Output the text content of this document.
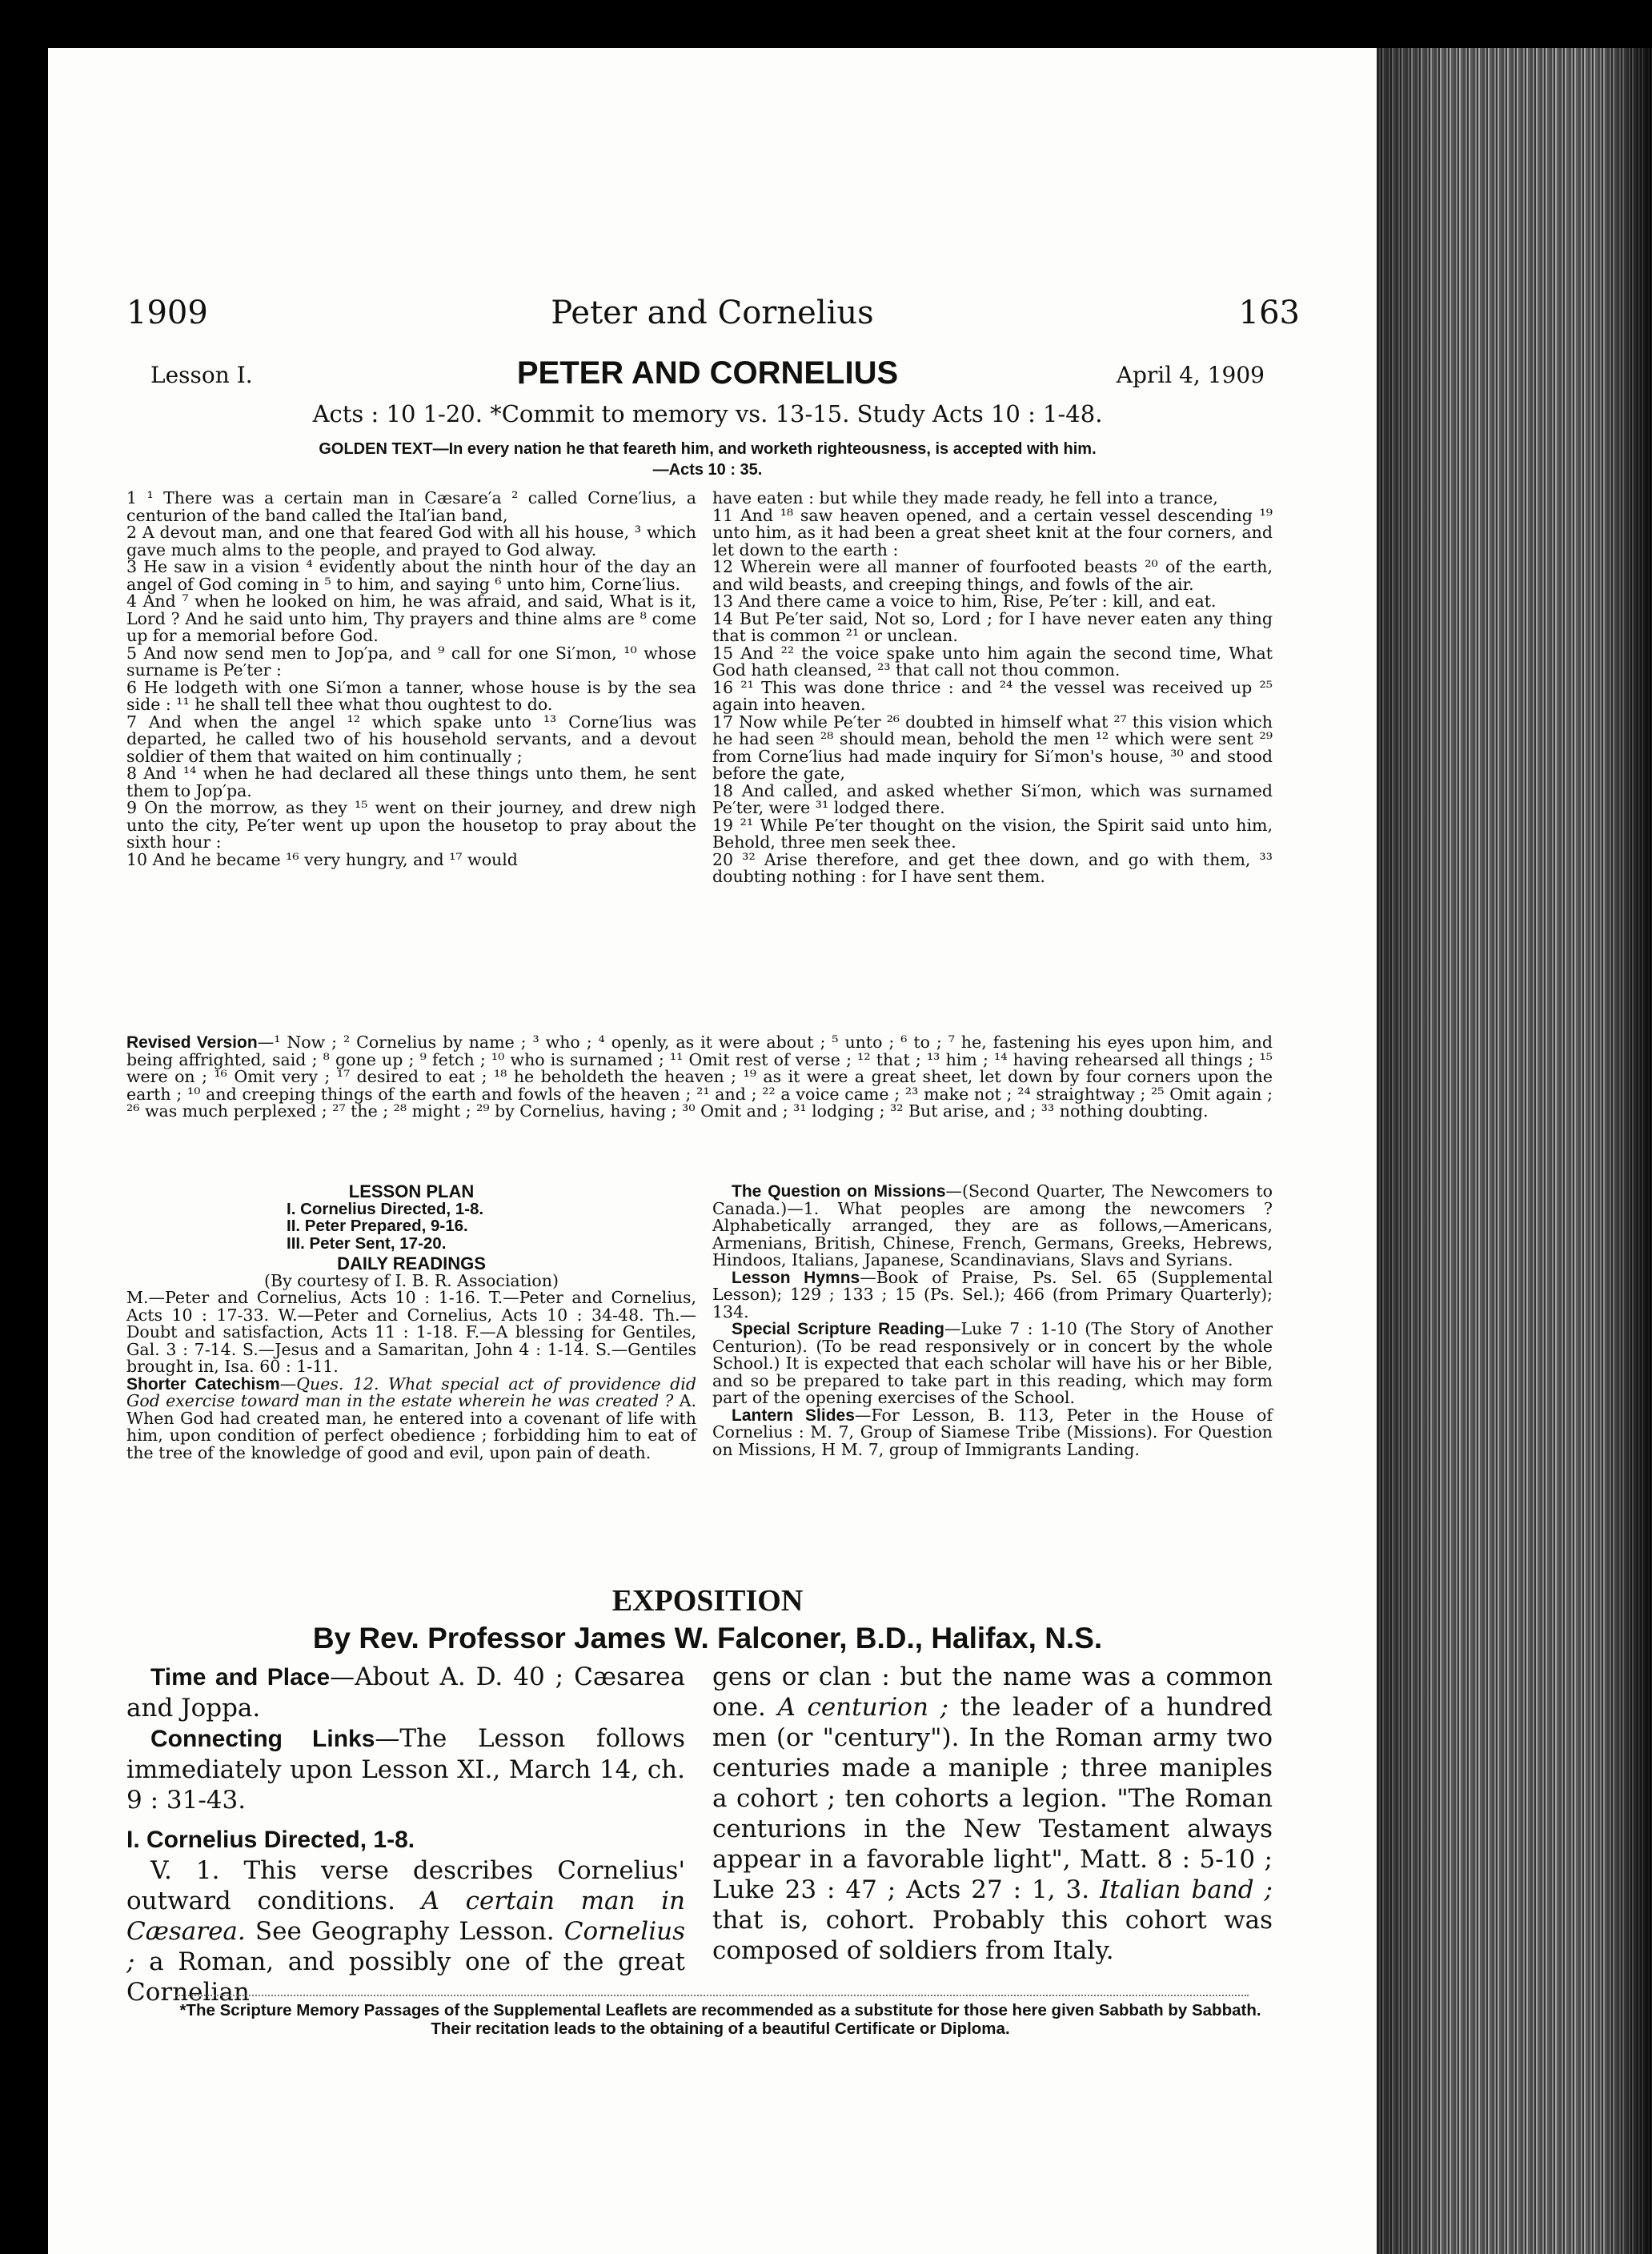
1909	Peter and Cornelius	163
Lesson I.	PETER AND CORNELIUS	April 4, 1909
Acts : 10 1-20. *Commit to memory vs. 13-15. Study Acts 10 : 1-48.
GOLDEN TEXT—In every nation he that feareth him, and worketh righteousness, is accepted with him.
—Acts 10 : 35.

1 ¹ There was a certain man in Cæsare′a ² called Corne′lius, a centurion of the band called the Ital′ian band,

2 A devout man, and one that feared God with all his house, ³ which gave much alms to the people, and prayed to God alway.

3 He saw in a vision ⁴ evidently about the ninth hour of the day an angel of God coming in ⁵ to him, and saying ⁶ unto him, Corne′lius.

4 And ⁷ when he looked on him, he was afraid, and said, What is it, Lord ? And he said unto him, Thy prayers and thine alms are ⁸ come up for a memorial before God.

5 And now send men to Jop′pa, and ⁹ call for one Si′mon, ¹⁰ whose surname is Pe′ter :

6 He lodgeth with one Si′mon a tanner, whose house is by the sea side : ¹¹ he shall tell thee what thou oughtest to do.

7 And when the angel ¹² which spake unto ¹³ Corne′lius was departed, he called two of his household servants, and a devout soldier of them that waited on him continually ;

8 And ¹⁴ when he had declared all these things unto them, he sent them to Jop′pa.

9 On the morrow, as they ¹⁵ went on their journey, and drew nigh unto the city, Pe′ter went up upon the housetop to pray about the sixth hour :

10 And he became ¹⁶ very hungry, and ¹⁷ would

have eaten : but while they made ready, he fell into a trance,

11 And ¹⁸ saw heaven opened, and a certain vessel descending ¹⁹ unto him, as it had been a great sheet knit at the four corners, and let down to the earth :

12 Wherein were all manner of fourfooted beasts ²⁰ of the earth, and wild beasts, and creeping things, and fowls of the air.

13 And there came a voice to him, Rise, Pe′ter : kill, and eat.

14 But Pe′ter said, Not so, Lord ; for I have never eaten any thing that is common ²¹ or unclean.

15 And ²² the voice spake unto him again the second time, What God hath cleansed, ²³ that call not thou common.

16 ²¹ This was done thrice : and ²⁴ the vessel was received up ²⁵ again into heaven.

17 Now while Pe′ter ²⁶ doubted in himself what ²⁷ this vision which he had seen ²⁸ should mean, behold the men ¹² which were sent ²⁹ from Corne′lius had made inquiry for Si′mon's house, ³⁰ and stood before the gate,

18 And called, and asked whether Si′mon, which was surnamed Pe′ter, were ³¹ lodged there.

19 ²¹ While Pe′ter thought on the vision, the Spirit said unto him, Behold, three men seek thee.

20 ³² Arise therefore, and get thee down, and go with them, ³³ doubting nothing : for I have sent them.

Revised Version—¹ Now ; ² Cornelius by name ; ³ who ; ⁴ openly, as it were about ; ⁵ unto ; ⁶ to ; ⁷ he, fastening his eyes upon him, and being affrighted, said ; ⁸ gone up ; ⁹ fetch ; ¹⁰ who is surnamed ; ¹¹ Omit rest of verse ; ¹² that ; ¹³ him ; ¹⁴ having rehearsed all things ; ¹⁵ were on ; ¹⁶ Omit very ; ¹⁷ desired to eat ; ¹⁸ he beholdeth the heaven ; ¹⁹ as it were a great sheet, let down by four corners upon the earth ; ¹⁰ and creeping things of the earth and fowls of the heaven ; ²¹ and ; ²² a voice came ; ²³ make not ; ²⁴ straightway ; ²⁵ Omit again ; ²⁶ was much perplexed ; ²⁷ the ; ²⁸ might ; ²⁹ by Cornelius, having ; ³⁰ Omit and ; ³¹ lodging ; ³² But arise, and ; ³³ nothing doubting.

LESSON PLAN

I. Cornelius Directed, 1-8.

II. Peter Prepared, 9-16.

III. Peter Sent, 17-20.

DAILY READINGS

(By courtesy of I. B. R. Association)

M.—Peter and Cornelius, Acts 10 : 1-16. T.—Peter and Cornelius, Acts 10 : 17-33. W.—Peter and Cornelius, Acts 10 : 34-48. Th.—Doubt and satisfaction, Acts 11 : 1-18. F.—A blessing for Gentiles, Gal. 3 : 7-14. S.—Jesus and a Samaritan, John 4 : 1-14. S.—Gentiles brought in, Isa. 60 : 1-11.

Shorter Catechism—Ques. 12. What special act of providence did God exercise toward man in the estate wherein he was created ? A. When God had created man, he entered into a covenant of life with him, upon condition of perfect obedience ; forbidding him to eat of the tree of the knowledge of good and evil, upon pain of death.

The Question on Missions—(Second Quarter, The Newcomers to Canada.)—1. What peoples are among the newcomers ? Alphabetically arranged, they are as follows,—Americans, Armenians, British, Chinese, French, Germans, Greeks, Hebrews, Hindoos, Italians, Japanese, Scandinavians, Slavs and Syrians.

Lesson Hymns—Book of Praise, Ps. Sel. 65 (Supplemental Lesson); 129 ; 133 ; 15 (Ps. Sel.); 466 (from Primary Quarterly); 134.

Special Scripture Reading—Luke 7 : 1-10 (The Story of Another Centurion). (To be read responsively or in concert by the whole School.) It is expected that each scholar will have his or her Bible, and so be prepared to take part in this reading, which may form part of the opening exercises of the School.

Lantern Slides—For Lesson, B. 113, Peter in the House of Cornelius : M. 7, Group of Siamese Tribe (Missions). For Question on Missions, H M. 7, group of Immigrants Landing.

EXPOSITION
By Rev. Professor James W. Falconer, B.D., Halifax, N.S.

Time and Place—About A. D. 40 ; Cæsarea and Joppa.

Connecting Links—The Lesson follows immediately upon Lesson XI., March 14, ch. 9 : 31-43.

I. Cornelius Directed, 1-8.

V. 1. This verse describes Cornelius' outward conditions. A certain man in Cæsarea. See Geography Lesson. Cornelius ; a Roman, and possibly one of the great Cornelian

gens or clan : but the name was a common one. A centurion ; the leader of a hundred men (or "century"). In the Roman army two centuries made a maniple ; three maniples a cohort ; ten cohorts a legion. "The Roman centurions in the New Testament always appear in a favorable light", Matt. 8 : 5-10 ; Luke 23 : 47 ; Acts 27 : 1, 3. Italian band ; that is, cohort. Probably this cohort was composed of soldiers from Italy.

*The Scripture Memory Passages of the Supplemental Leaflets are recommended as a substitute for those here given Sabbath by Sabbath. Their recitation leads to the obtaining of a beautiful Certificate or Diploma.
